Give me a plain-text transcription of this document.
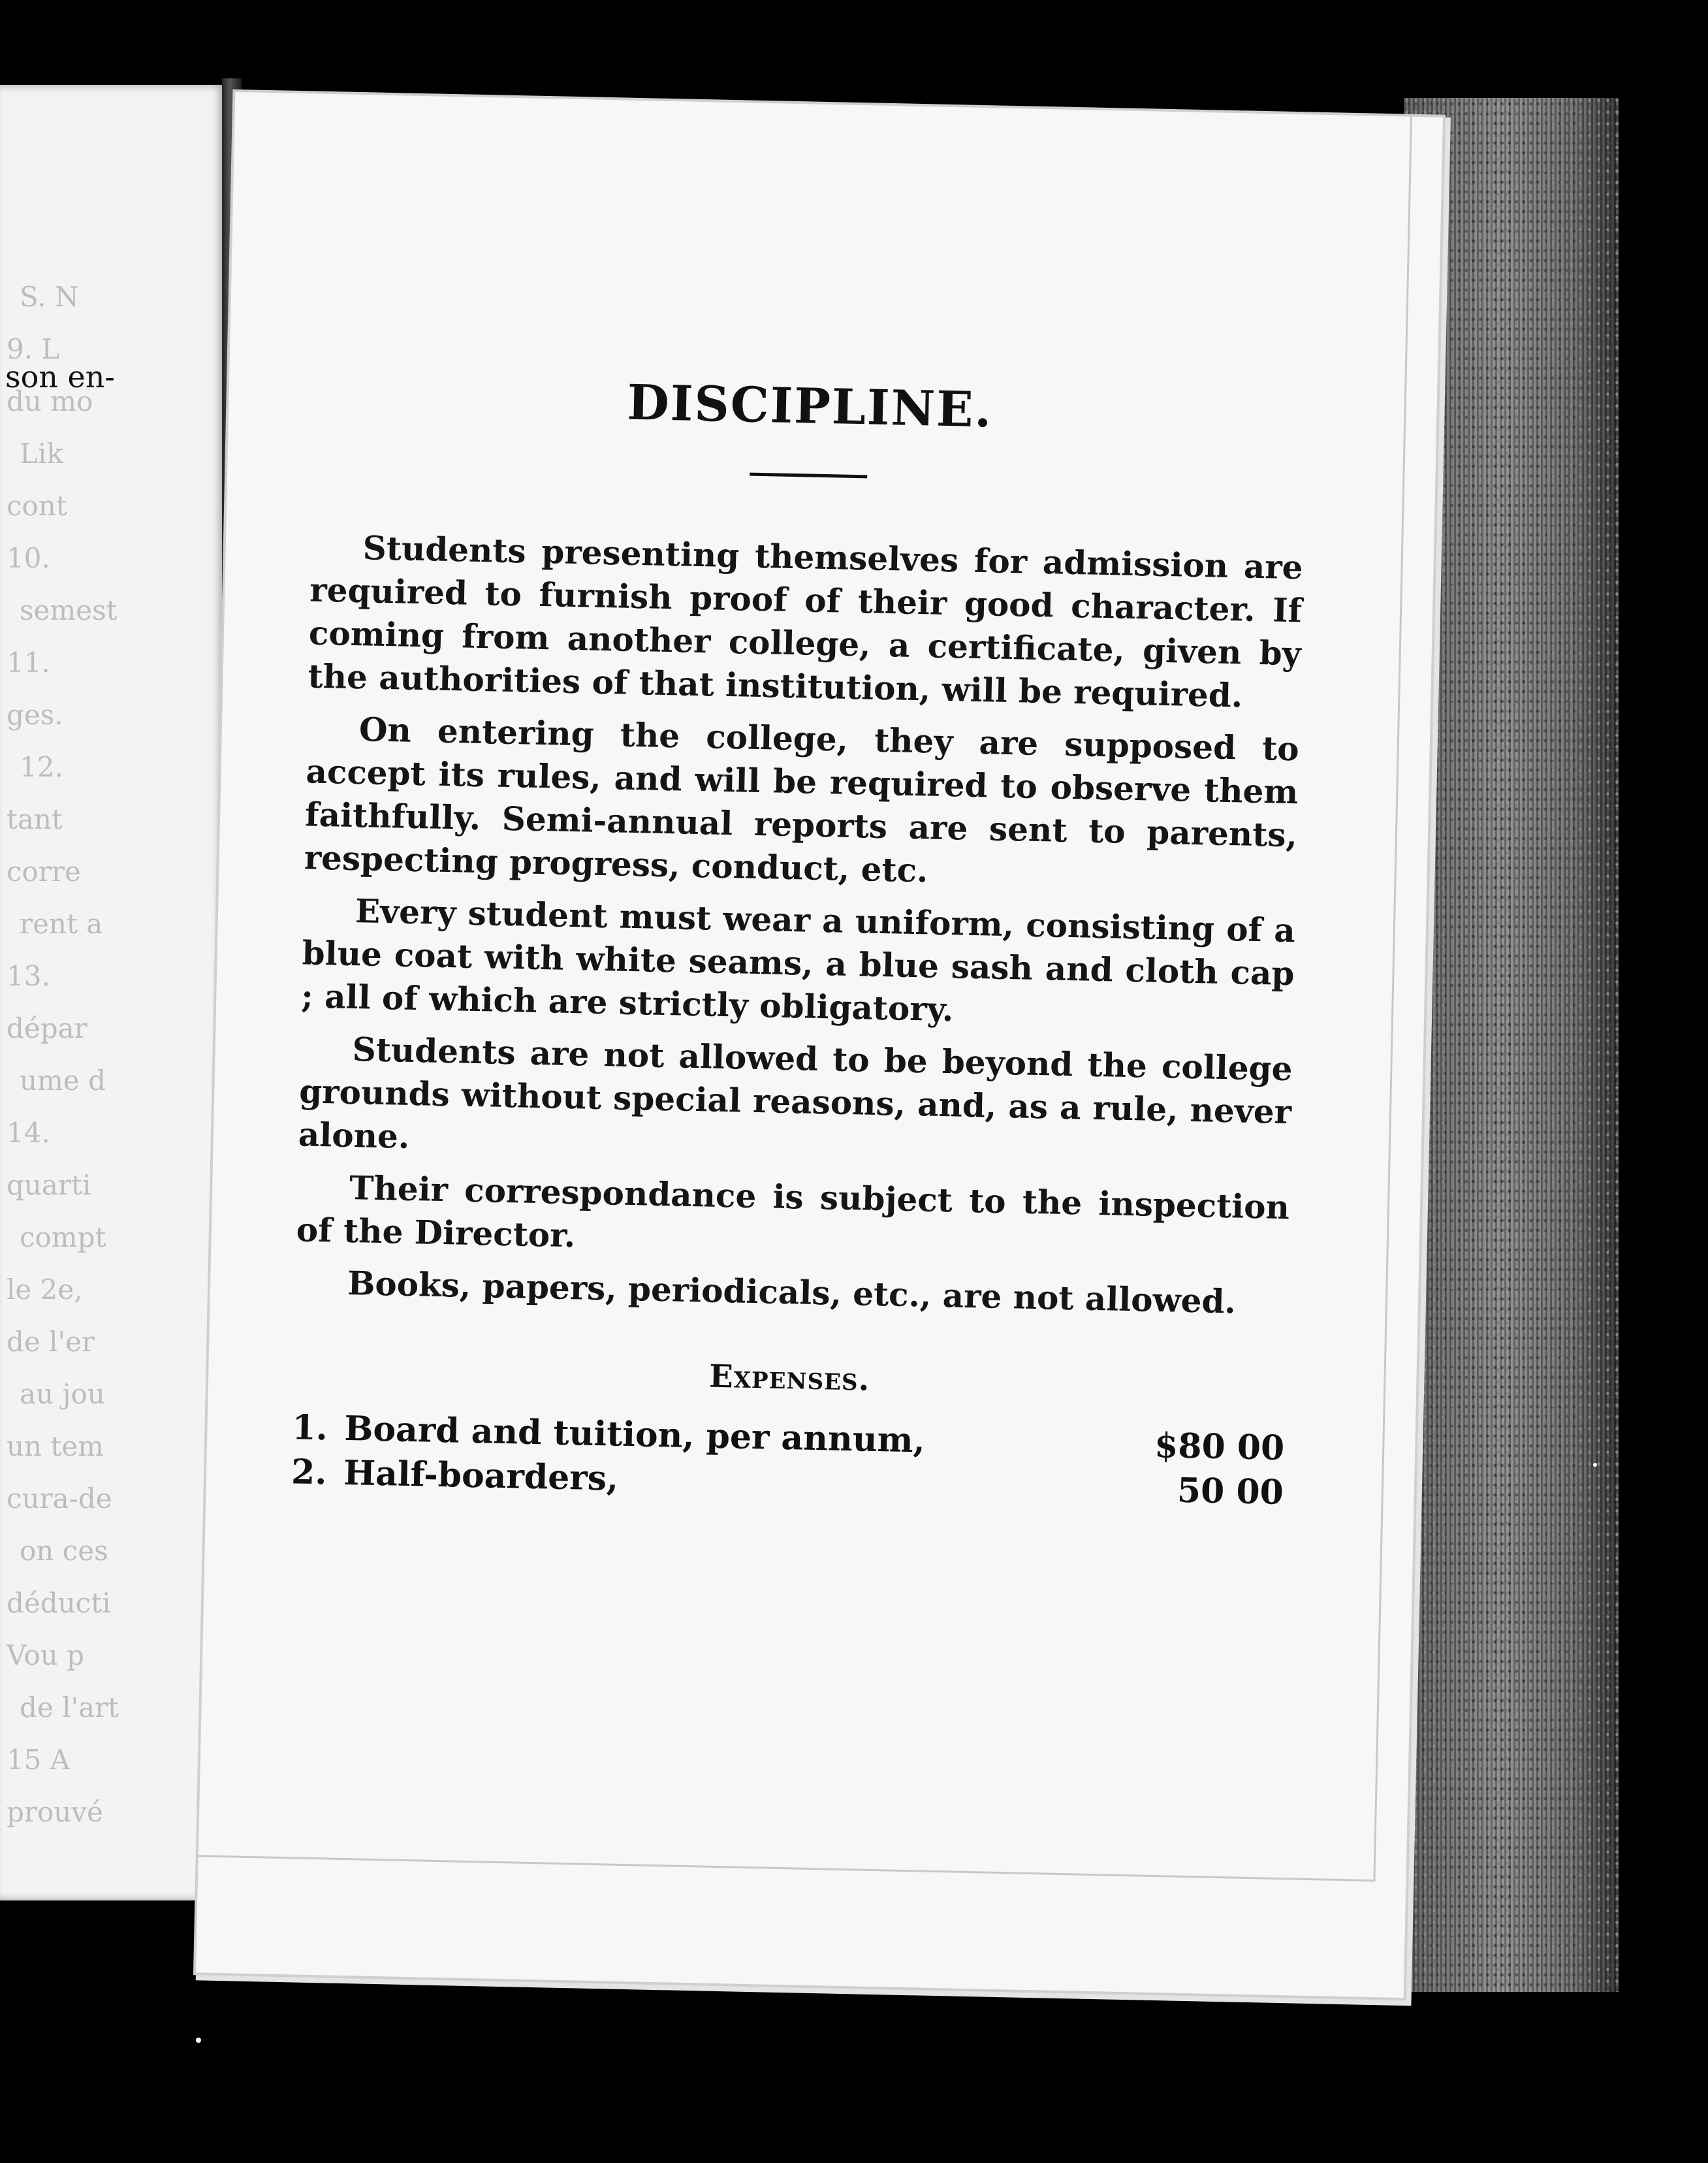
son en-
S. N
9. L
du mo
Lik
cont
10.
semest
11.
ges.
12.
tant
corre
rent a
13.
dépar
ume d
14.
quarti
compt
le 2e,
de l'er
au jou
un tem
cura-de
on ces
déducti
Vou p
de l'art
15 A
prouvé
DISCIPLINE.

Students presenting themselves for admission are required to furnish proof of their good character. If coming from another college, a certificate, given by the authorities of that institution, will be required.

On entering the college, they are supposed to accept its rules, and will be required to observe them faithfully. Semi-annual reports are sent to parents, respecting progress, conduct, etc.

Every student must wear a uniform, consisting of a blue coat with white seams, a blue sash and cloth cap ; all of which are strictly obligatory.

Students are not allowed to be beyond the college grounds without special reasons, and, as a rule, never alone.

Their correspondance is subject to the inspection of the Director.

Books, papers, periodicals, etc., are not allowed.

Expenses.
1. Board and tuition, per annum,	$80 00
2. Half-boarders,	50 00
